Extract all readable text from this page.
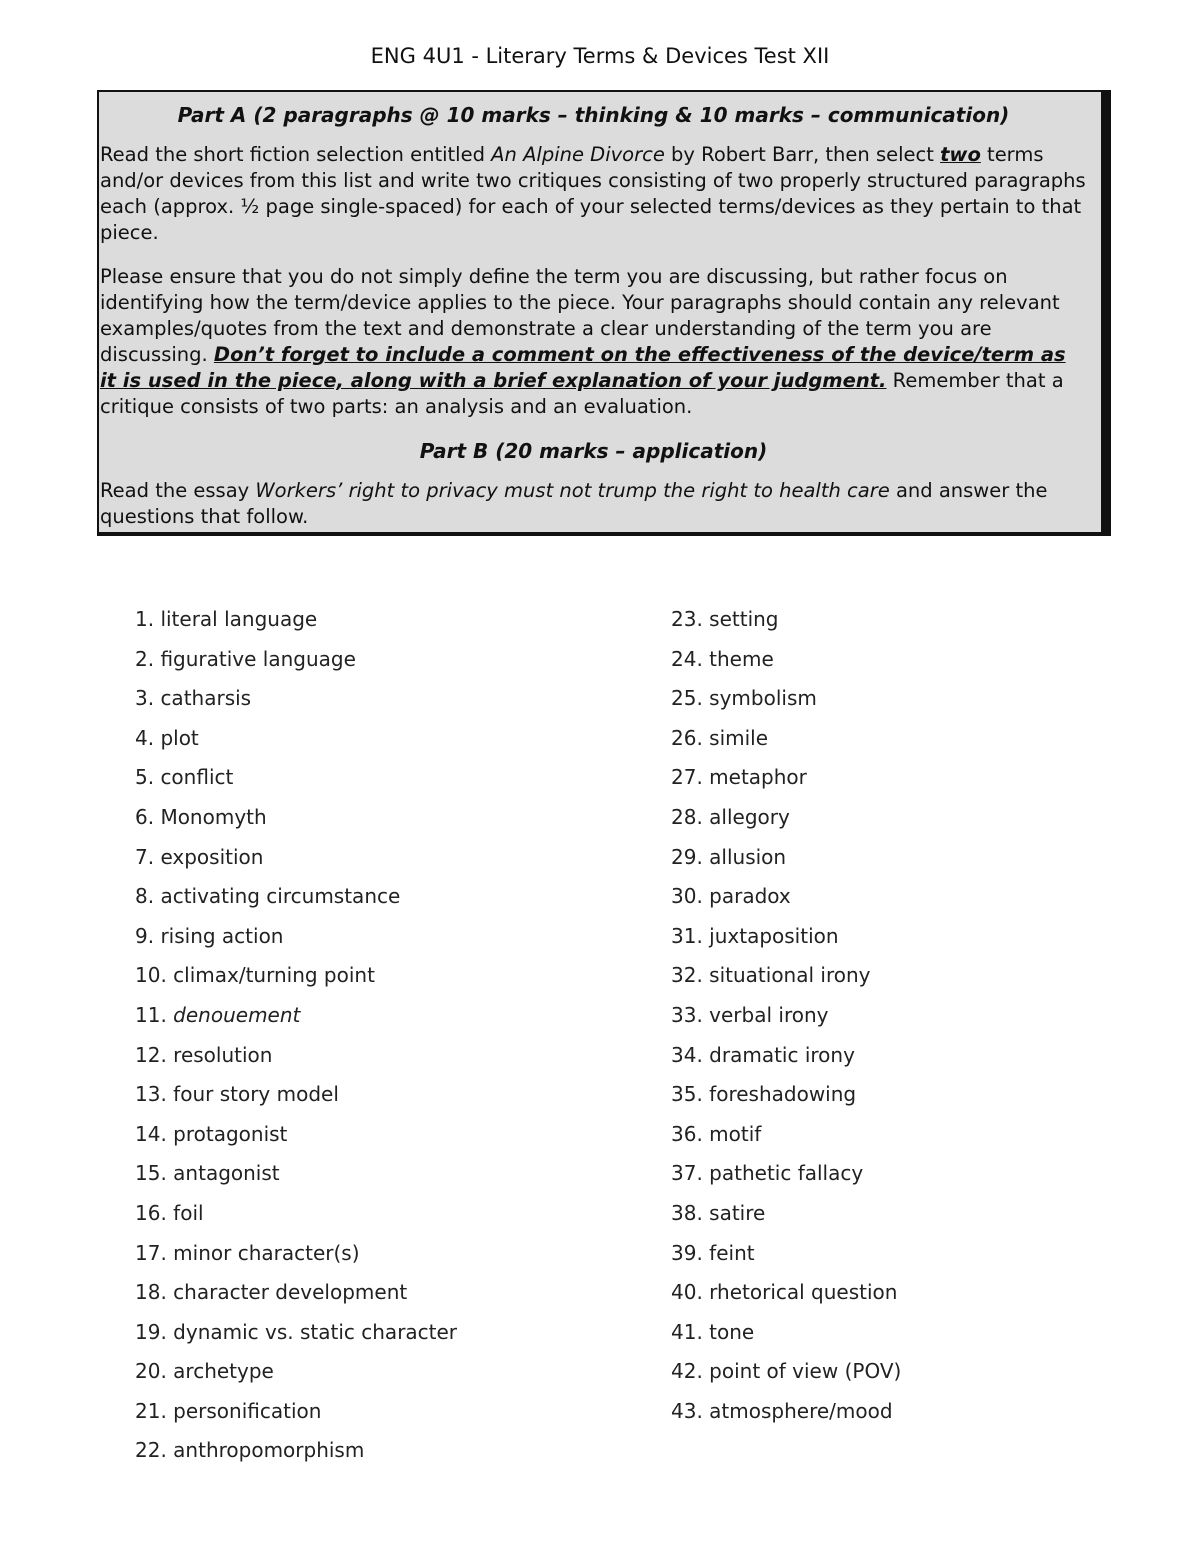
ENG 4U1 - Literary Terms & Devices Test XII
Part A (2 paragraphs @ 10 marks – thinking & 10 marks – communication)

Read the short fiction selection entitled An Alpine Divorce by Robert Barr, then select two terms and/or devices from this list and write two critiques consisting of two properly structured paragraphs each (approx. ½ page single-spaced) for each of your selected terms/devices as they pertain to that piece.

Please ensure that you do not simply define the term you are discussing, but rather focus on identifying how the term/device applies to the piece. Your paragraphs should contain any relevant examples/quotes from the text and demonstrate a clear understanding of the term you are discussing. Don’t forget to include a comment on the effectiveness of the device/term as it is used in the piece, along with a brief explanation of your judgment. Remember that a critique consists of two parts: an analysis and an evaluation.

Part B (20 marks – application)

Read the essay Workers’ right to privacy must not trump the right to health care and answer the questions that follow.

1. literal language
2. figurative language
3. catharsis
4. plot
5. conflict
6. Monomyth
7. exposition
8. activating circumstance
9. rising action
10. climax/turning point
11. denouement
12. resolution
13. four story model
14. protagonist
15. antagonist
16. foil
17. minor character(s)
18. character development
19. dynamic vs. static character
20. archetype
21. personification
22. anthropomorphism
23. setting
24. theme
25. symbolism
26. simile
27. metaphor
28. allegory
29. allusion
30. paradox
31. juxtaposition
32. situational irony
33. verbal irony
34. dramatic irony
35. foreshadowing
36. motif
37. pathetic fallacy
38. satire
39. feint
40. rhetorical question
41. tone
42. point of view (POV)
43. atmosphere/mood
